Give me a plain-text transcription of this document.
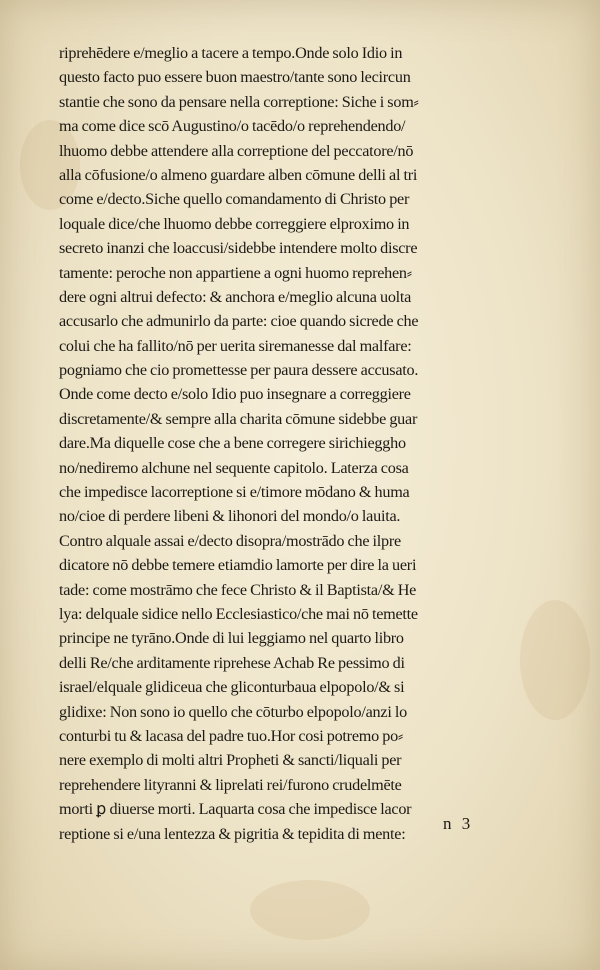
riprehēdere e/meglio a tacere a tempo.Onde solo Idio in
questo facto puo essere buon maestro/tante sono lecircun
stantie che sono da pensare nella correptione: Siche i som⸗
ma come dice scō Augustino/o tacēdo/o reprehendendo/
lhuomo debbe attendere alla correptione del peccatore/nō
alla cōfusione/o almeno guardare alben cōmune delli al tri
come e/decto.Siche quello comandamento di Christo per
loquale dice/che lhuomo debbe correggiere elproximo in
secreto inanzi che loaccusi/sidebbe intendere molto discre
tamente: peroche non appartiene a ogni huomo reprehen⸗
dere ogni altrui defecto: & anchora e/meglio alcuna uolta
accusarlo che admunirlo da parte: cioe quando sicrede che
colui che ha fallito/nō per uerita siremanesse dal malfare:
pogniamo che cio promettesse per paura dessere accusato.
Onde come decto e/solo Idio puo insegnare a correggiere
discretamente/& sempre alla charita cōmune sidebbe guar
dare.Ma diquelle cose che a bene corregere sirichieggho
no/nediremo alchune nel sequente capitolo. Laterza cosa
che impedisce lacorreptione si e/timore mōdano & huma
no/cioe di perdere libeni & lihonori del mondo/o lauita.
Contro alquale assai e/decto disopra/mostrādo che ilpre
dicatore nō debbe temere etiamdio lamorte per dire la ueri
tade: come mostrāmo che fece Christo & il Baptista/& He
lya: delquale sidice nello Ecclesiastico/che mai nō temette
principe ne tyrāno.Onde di lui leggiamo nel quarto libro
delli Re/che arditamente riprehese Achab Re pessimo di
israel/elquale glidiceua che gliconturbaua elpopolo/& si
glidixe: Non sono io quello che cōturbo elpopolo/anzi lo
conturbi tu & lacasa del padre tuo.Hor cosi potremo po⸗
nere exemplo di molti altri Propheti & sancti/liquali per
reprehendere lityranni & liprelati rei/furono crudelmēte
morti ꝑ diuerse morti. Laquarta cosa che impedisce lacor
reptione si e/una lentezza & pigritia & tepidita di mente:
n 3
